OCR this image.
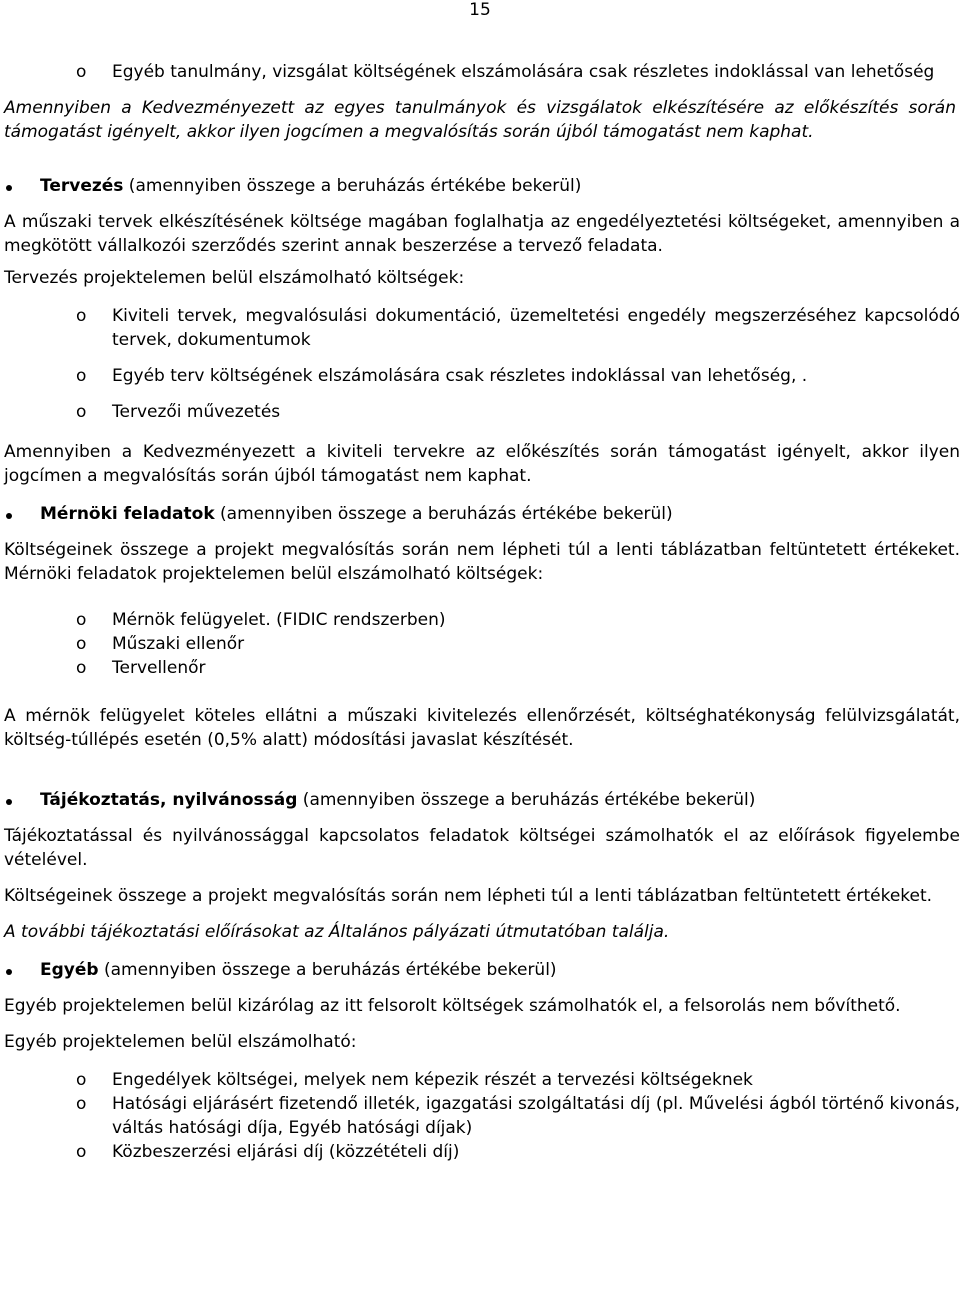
15
o Egyéb tanulmány, vizsgálat költségének elszámolására csak részletes indoklással van lehetőség

Amennyiben a Kedvezményezett az egyes tanulmányok és vizsgálatok elkészítésére az előkészítés során támogatást igényelt, akkor ilyen jogcímen a megvalósítás során újból támogatást nem kaphat.

Tervezés (amennyiben összege a beruházás értékébe bekerül)

A műszaki tervek elkészítésének költsége magában foglalhatja az engedélyeztetési költségeket, amennyiben a megkötött vállalkozói szerződés szerint annak beszerzése a tervező feladata.

Tervezés projektelemen belül elszámolható költségek:

o Kiviteli tervek, megvalósulási dokumentáció, üzemeltetési engedély megszerzéséhez kapcsolódó tervek, dokumentumok
o Egyéb terv költségének elszámolására csak részletes indoklással van lehetőség, .
o Tervezői művezetés

Amennyiben a Kedvezményezett a kiviteli tervekre az előkészítés során támogatást igényelt, akkor ilyen jogcímen a megvalósítás során újból támogatást nem kaphat.

Mérnöki feladatok (amennyiben összege a beruházás értékébe bekerül)

Költségeinek összege a projekt megvalósítás során nem lépheti túl a lenti táblázatban feltüntetett értékeket. Mérnöki feladatok projektelemen belül elszámolható költségek:

o Mérnök felügyelet. (FIDIC rendszerben)
o Műszaki ellenőr
o Tervellenőr

A mérnök felügyelet köteles ellátni a műszaki kivitelezés ellenőrzését, költséghatékonyság felülvizsgálatát, költség-túllépés esetén (0,5% alatt) módosítási javaslat készítését.

Tájékoztatás, nyilvánosság (amennyiben összege a beruházás értékébe bekerül)

Tájékoztatással és nyilvánossággal kapcsolatos feladatok költségei számolhatók el az előírások figyelembe vételével.

Költségeinek összege a projekt megvalósítás során nem lépheti túl a lenti táblázatban feltüntetett értékeket.

A további tájékoztatási előírásokat az Általános pályázati útmutatóban találja.

Egyéb (amennyiben összege a beruházás értékébe bekerül)

Egyéb projektelemen belül kizárólag az itt felsorolt költségek számolhatók el, a felsorolás nem bővíthető.

Egyéb projektelemen belül elszámolható:

o Engedélyek költségei, melyek nem képezik részét a tervezési költségeknek
o Hatósági eljárásért fizetendő illeték, igazgatási szolgáltatási díj (pl. Művelési ágból történő kivonás, váltás hatósági díja, Egyéb hatósági díjak)
o Közbeszerzési eljárási díj (közzétételi díj)
